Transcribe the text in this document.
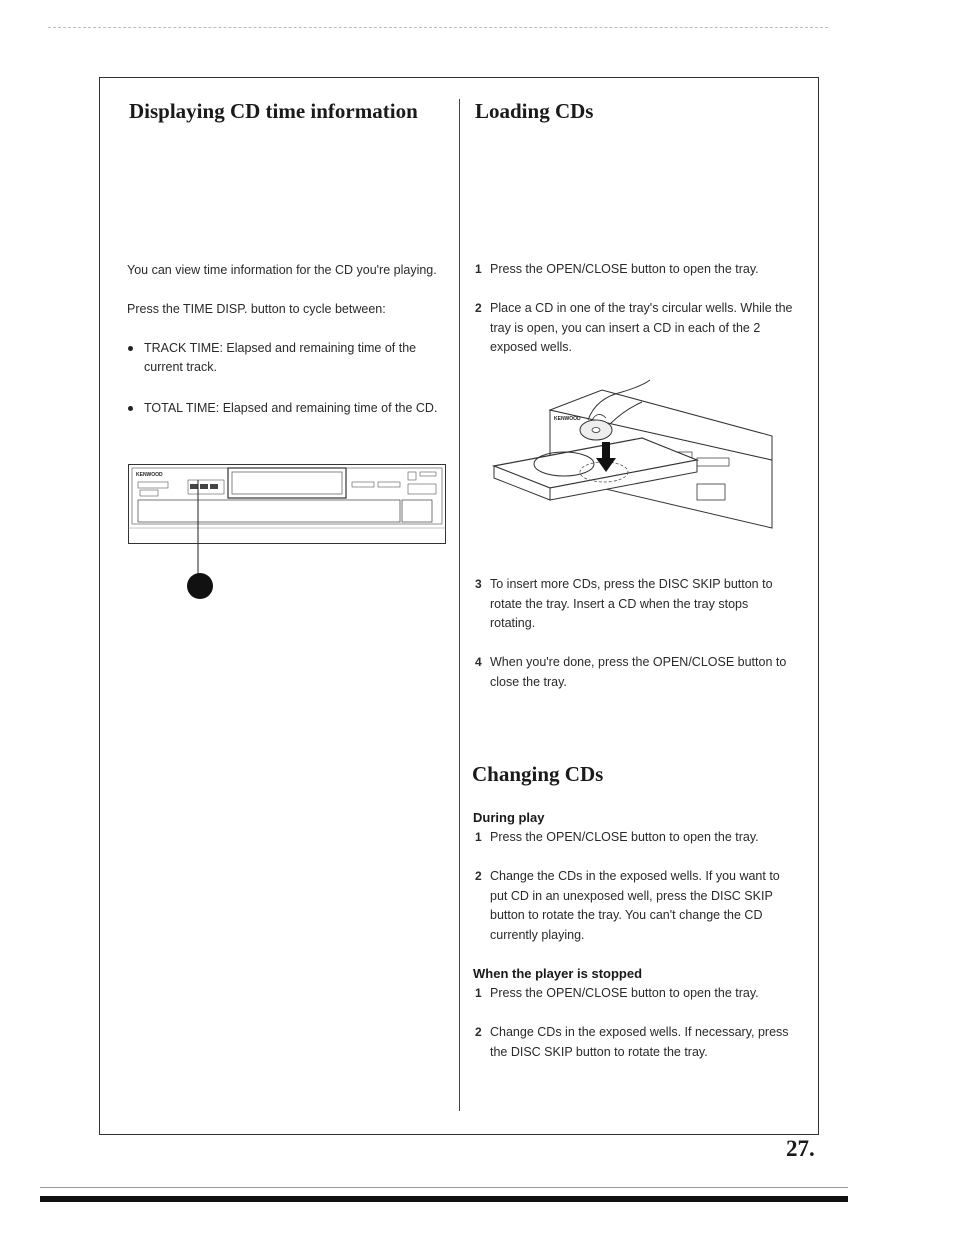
Displaying CD time information

You can view time information for the CD you're playing.

Press the TIME DISP. button to cycle between:

TRACK TIME: Elapsed and remaining time of the current track.
TOTAL TIME: Elapsed and remaining time of the CD.
KENWOOD
Loading CDs
1 Press the OPEN/CLOSE button to open the tray.
2 Place a CD in one of the tray's circular wells. While the tray is open, you can insert a CD in each of the 2 exposed wells.
KENWOOD
3 To insert more CDs, press the DISC SKIP button to rotate the tray. Insert a CD when the tray stops rotating.
4 When you're done, press the OPEN/CLOSE button to close the tray.
Changing CDs
During play
1 Press the OPEN/CLOSE button to open the tray.
2 Change the CDs in the exposed wells. If you want to put CD in an unexposed well, press the DISC SKIP button to rotate the tray. You can't change the CD currently playing.
When the player is stopped
1 Press the OPEN/CLOSE button to open the tray.
2 Change CDs in the exposed wells. If necessary, press the DISC SKIP button to rotate the tray.
27.
